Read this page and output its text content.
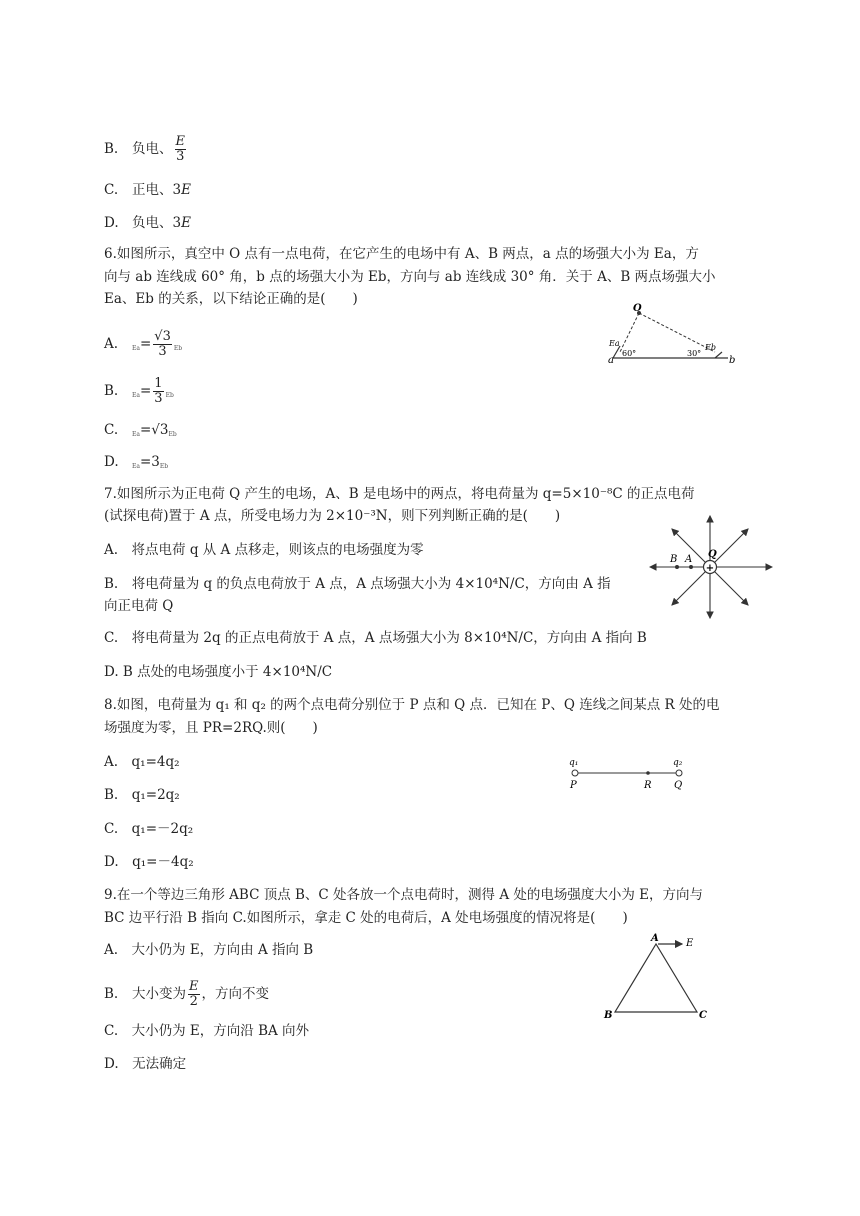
B. 负电、 $\frac{E}{3}$
C. 正电、3E
D. 负电、3E
6.如图所示，真空中 O 点有一点电荷，在它产生的电场中有 A、B 两点，a 点的场强大小为 Ea，方
向与 ab 连线成 60° 角，b 点的场强大小为 Eb，方向与 ab 连线成 30° 角．关于 A、B 两点场强大小
Ea、Eb 的关系，以下结论正确的是(　　)
A. $Ea= \frac{√3}{3}$ Eb
B. $Ea= \frac{1}{3}$ Eb
C. Ea=√3Eb
D. Ea=3Eb
O
a	b
Ea	Eb
60°	30°
7.如图所示为正电荷 Q 产生的电场，A、B 是电场中的两点，将电荷量为 q=5×10⁻⁸C 的正点电荷
(试探电荷)置于 A 点，所受电场力为 2×10⁻³N，则下列判断正确的是(　　)
A.　将点电荷 q 从 A 点移走，则该点的电场强度为零
B.　将电荷量为 q 的负点电荷放于 A 点，A 点场强大小为 4×10⁴N/C，方向由 A 指
向正电荷 Q
C.　将电荷量为 2q 的正点电荷放于 A 点，A 点场强大小为 8×10⁴N/C，方向由 A 指向 B
D. B 点处的电场强度小于 4×10⁴N/C
+
B A Q
8.如图，电荷量为 q₁ 和 q₂ 的两个点电荷分别位于 P 点和 Q 点．已知在 P、Q 连线之间某点 R 处的电
场强度为零，且 PR=2RQ.则(　　)
A.　q₁=4q₂
B.　q₁=2q₂
C.　q₁=－2q₂
D.　q₁=－4q₂
q₁	q₂
P	R Q
9.在一个等边三角形 ABC 顶点 B、C 处各放一个点电荷时，测得 A 处的电场强度大小为 E，方向与
BC 边平行沿 B 指向 C.如图所示，拿走 C 处的电荷后，A 处电场强度的情况将是(　　)
A.　大小仍为 E，方向由 A 指向 B
B. 大小变为 $\frac{E}{2}$ ，方向不变
C.　大小仍为 E，方向沿 BA 向外
D.　无法确定
A	E
B	C
